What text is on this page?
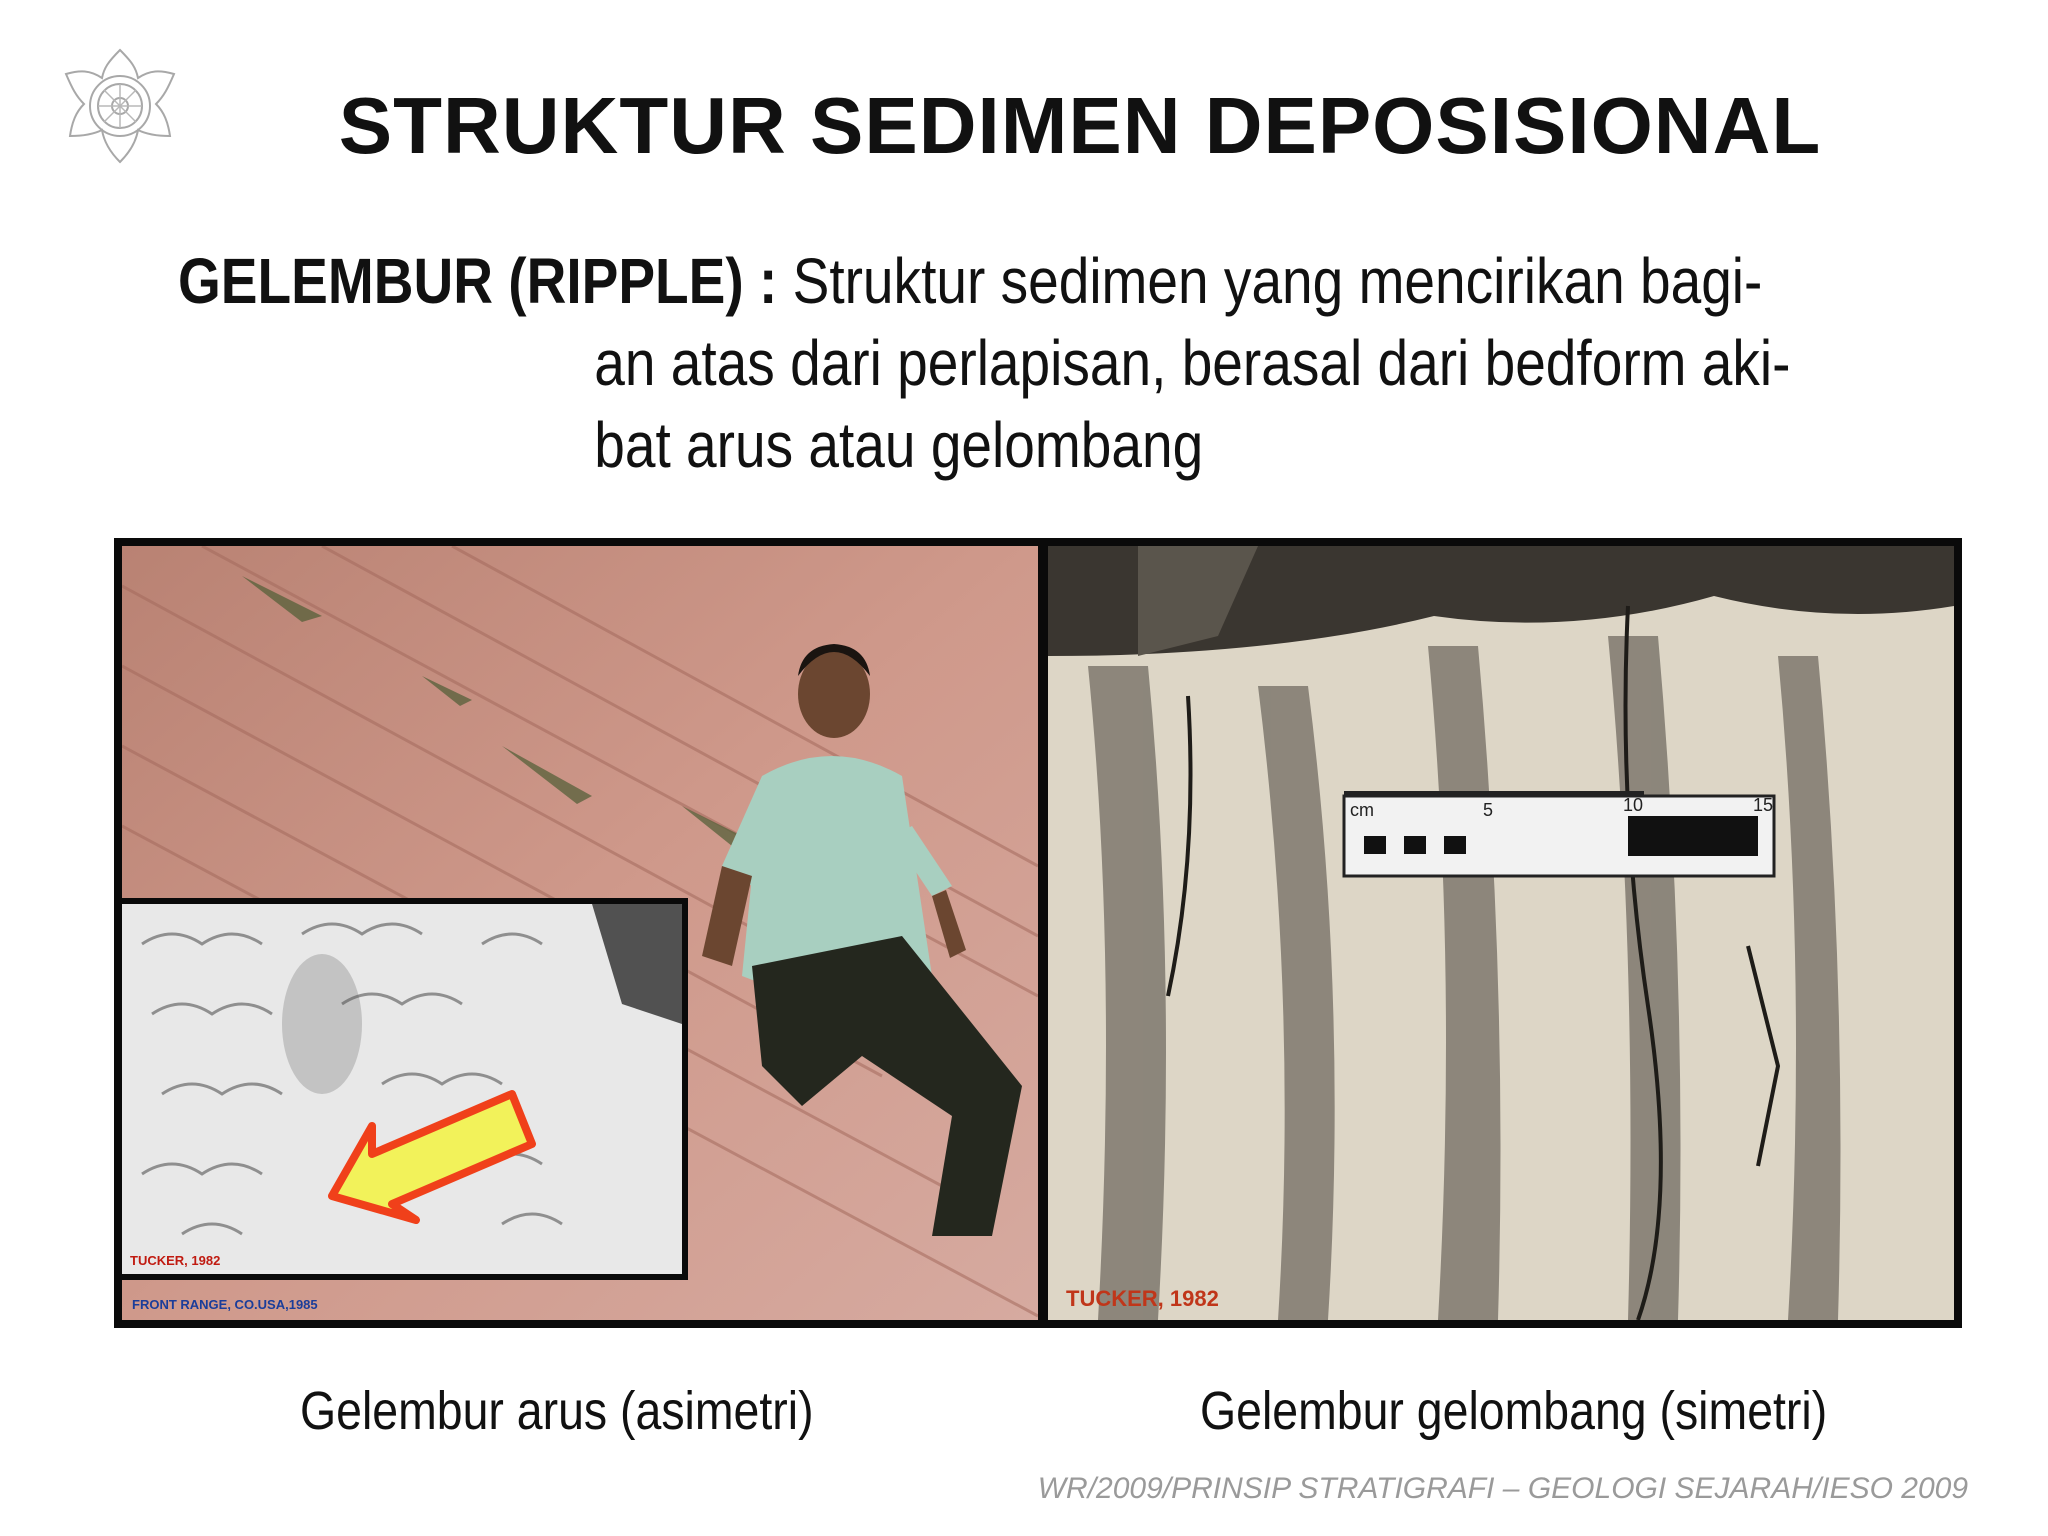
STRUKTUR SEDIMEN DEPOSISIONAL
GELEMBUR (RIPPLE) : Struktur sedimen yang mencirikan bagi-
an atas dari perlapisan, berasal dari bedform aki-
bat arus atau gelombang
TUCKER, 1982
FRONT RANGE, CO.USA,1985
cm	5	10	15
TUCKER, 1982
Gelembur arus (asimetri)	Gelembur gelombang (simetri)
WR/2009/PRINSIP STRATIGRAFI – GEOLOGI SEJARAH/IESO 2009
